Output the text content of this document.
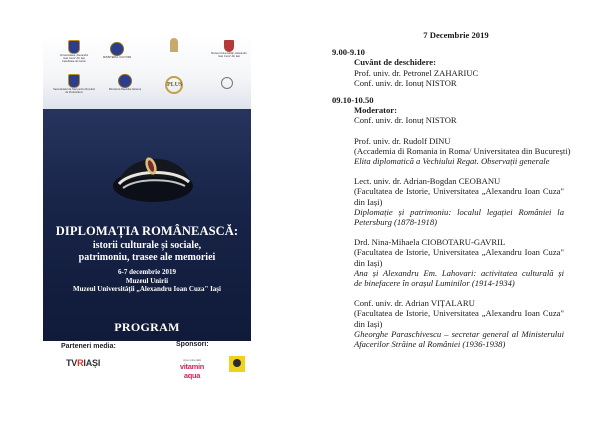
Universitatea „Alexandru Ioan Cuza" din Iași Facultatea de Istorie
MINISTERUL CULTURII
Muzeul Universității „Alexandru Ioan Cuza" din Iași
Secretariatul de Stat pentru Românii de Pretutindeni
Ministerul Afacerilor Externe
PLUS
DIPLOMAȚIA ROMÂNEASCĂ:
istorii culturale și sociale,
patrimoniu, trasee ale memoriei
6-7 decembrie 2019
Muzeul Unirii
Muzeul Universității „Alexandru Ioan Cuza" Iași
PROGRAM
Parteneri media:	Sponsori:
TVRIAȘI	Apa minerală
vitamin aqua
7 Decembrie 2019
9.00-9.10
Cuvânt de deschidere:
Prof. univ. dr. Petronel ZAHARIUC
Conf. univ. dr. Ionuț NISTOR
09.10-10.50
Moderator:
Conf. univ. dr. Ionuț NISTOR
Prof. univ. dr. Rudolf DINU
(Accademia di Romania in Roma/ Universitatea din București)
Elita diplomatică a Vechiului Regat. Observații generale
Lect. univ. dr. Adrian-Bogdan CEOBANU
(Facultatea de Istorie, Universitatea „Alexandru Ioan Cuza"
din Iași)
Diplomație și patrimoniu: localul legației României la
Petersburg (1878-1918)
Drd. Nina-Mihaela CIOBOTARU-GAVRIL
(Facultatea de Istorie, Universitatea „Alexandru Ioan Cuza"
din Iași)
Ana și Alexandru Em. Lahovari: activitatea culturală și
de binefacere în orașul Luminilor (1914-1934)
Conf. univ. dr. Adrian VIȚALARU
(Facultatea de Istorie, Universitatea „Alexandru Ioan Cuza"
din Iași)
Gheorghe Paraschivescu – secretar general al Ministerului
Afacerilor Străine al României (1936-1938)
